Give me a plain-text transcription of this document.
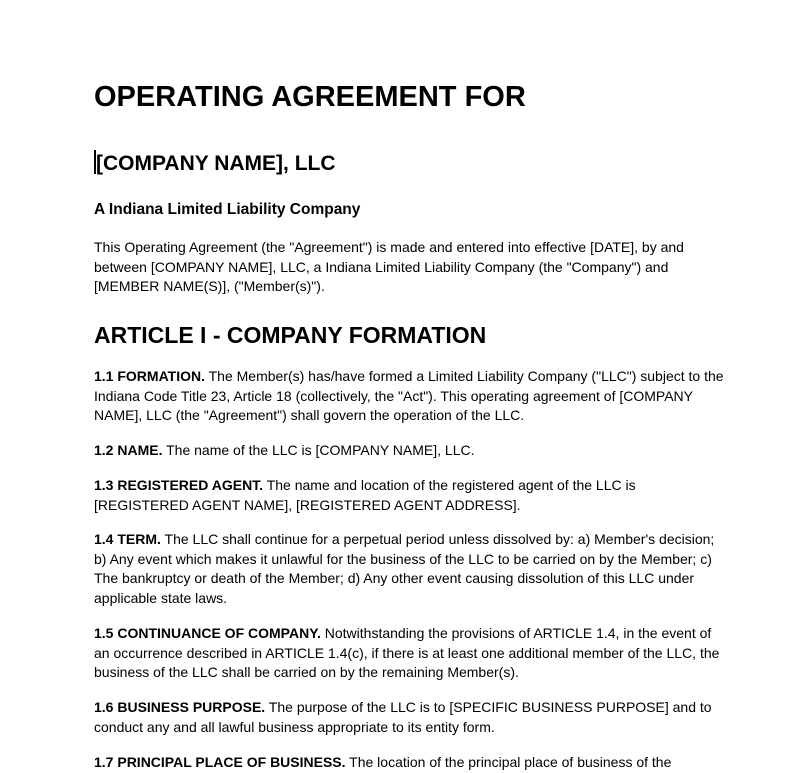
OPERATING AGREEMENT FOR
[COMPANY NAME], LLC

A Indiana Limited Liability Company

This Operating Agreement (the "Agreement") is made and entered into effective [DATE], by and between [COMPANY NAME], LLC, a Indiana Limited Liability Company (the "Company") and [MEMBER NAME(S)], ("Member(s)").

ARTICLE I - COMPANY FORMATION

1.1 FORMATION. The Member(s) has/have formed a Limited Liability Company ("LLC") subject to the Indiana Code Title 23, Article 18 (collectively, the "Act"). This operating agreement of [COMPANY NAME], LLC (the "Agreement") shall govern the operation of the LLC.

1.2 NAME. The name of the LLC is [COMPANY NAME], LLC.

1.3 REGISTERED AGENT. The name and location of the registered agent of the LLC is [REGISTERED AGENT NAME], [REGISTERED AGENT ADDRESS].

1.4 TERM. The LLC shall continue for a perpetual period unless dissolved by: a) Member's decision; b) Any event which makes it unlawful for the business of the LLC to be carried on by the Member; c) The bankruptcy or death of the Member; d) Any other event causing dissolution of this LLC under applicable state laws.

1.5 CONTINUANCE OF COMPANY. Notwithstanding the provisions of ARTICLE 1.4, in the event of an occurrence described in ARTICLE 1.4(c), if there is at least one additional member of the LLC, the business of the LLC shall be carried on by the remaining Member(s).

1.6 BUSINESS PURPOSE. The purpose of the LLC is to [SPECIFIC BUSINESS PURPOSE] and to conduct any and all lawful business appropriate to its entity form.

1.7 PRINCIPAL PLACE OF BUSINESS. The location of the principal place of business of the
